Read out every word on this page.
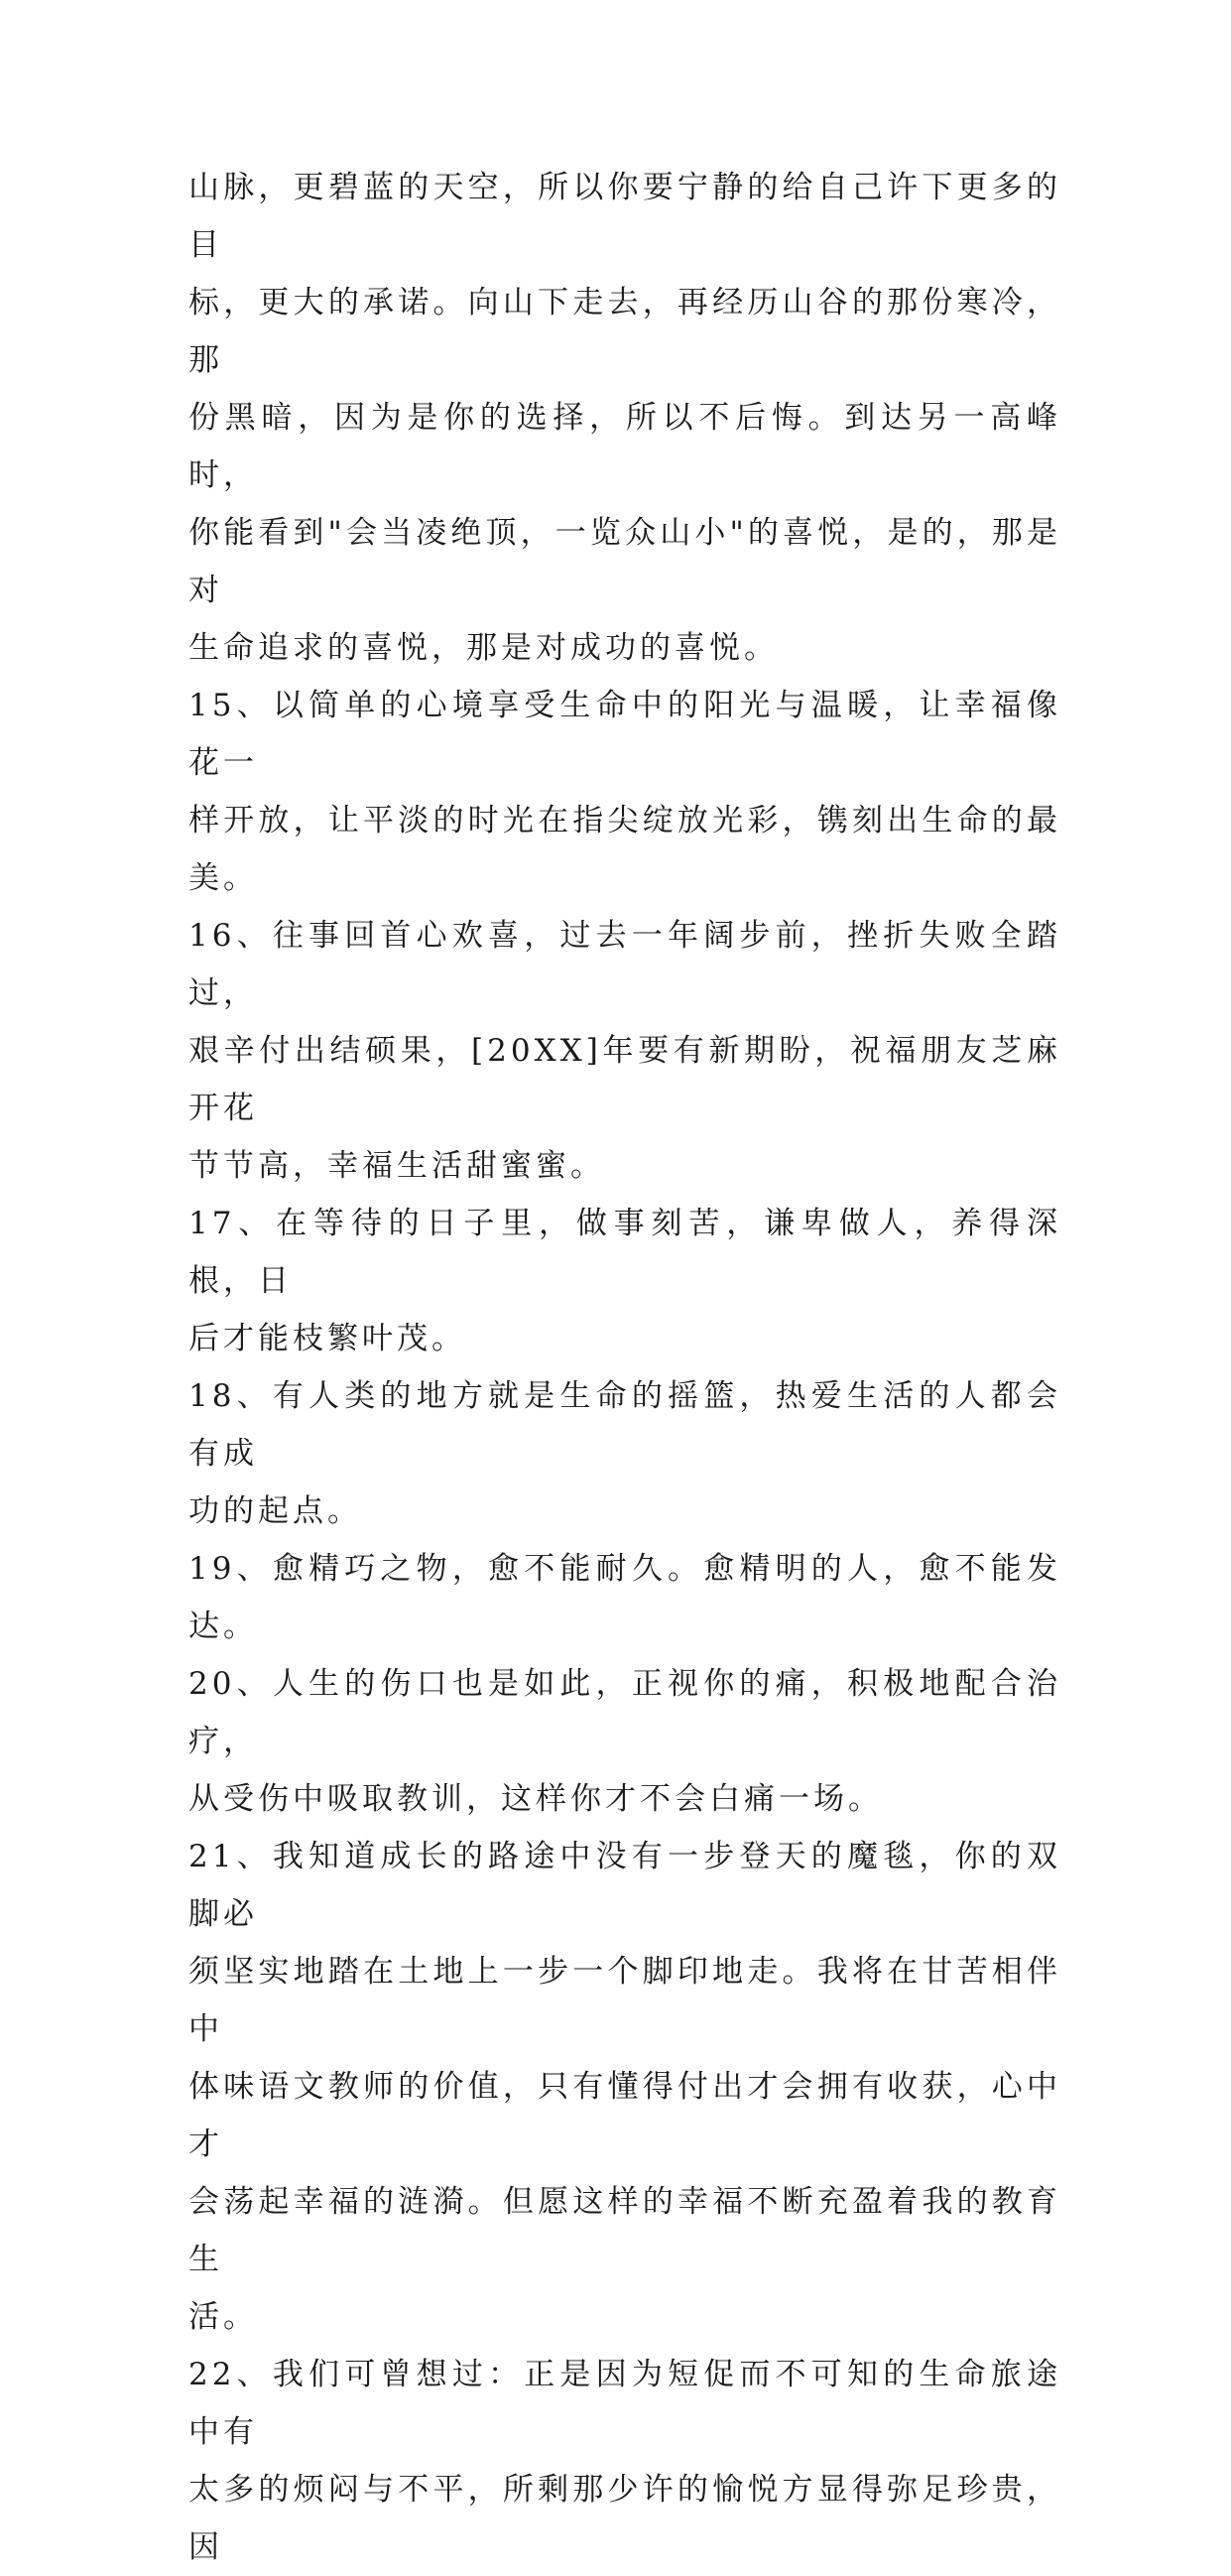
山脉，更碧蓝的天空，所以你要宁静的给自己许下更多的目
标，更大的承诺。向山下走去，再经历山谷的那份寒冷，那
份黑暗，因为是你的选择，所以不后悔。到达另一高峰时，
你能看到"会当凌绝顶，一览众山小"的喜悦，是的，那是对
生命追求的喜悦，那是对成功的喜悦。

15、以简单的心境享受生命中的阳光与温暖，让幸福像花一
样开放，让平淡的时光在指尖绽放光彩，镌刻出生命的最美。

16、往事回首心欢喜，过去一年阔步前，挫折失败全踏过，
艰辛付出结硕果，[20XX]年要有新期盼，祝福朋友芝麻开花
节节高，幸福生活甜蜜蜜。

17、在等待的日子里，做事刻苦，谦卑做人，养得深根，日
后才能枝繁叶茂。

18、有人类的地方就是生命的摇篮，热爱生活的人都会有成
功的起点。

19、愈精巧之物，愈不能耐久。愈精明的人，愈不能发达。

20、人生的伤口也是如此，正视你的痛，积极地配合治疗，
从受伤中吸取教训，这样你才不会白痛一场。

21、我知道成长的路途中没有一步登天的魔毯，你的双脚必
须坚实地踏在土地上一步一个脚印地走。我将在甘苦相伴中
体味语文教师的价值，只有懂得付出才会拥有收获，心中才
会荡起幸福的涟漪。但愿这样的幸福不断充盈着我的教育生
活。

22、我们可曾想过：正是因为短促而不可知的生命旅途中有
太多的烦闷与不平，所剩那少许的愉悦方显得弥足珍贵，因
